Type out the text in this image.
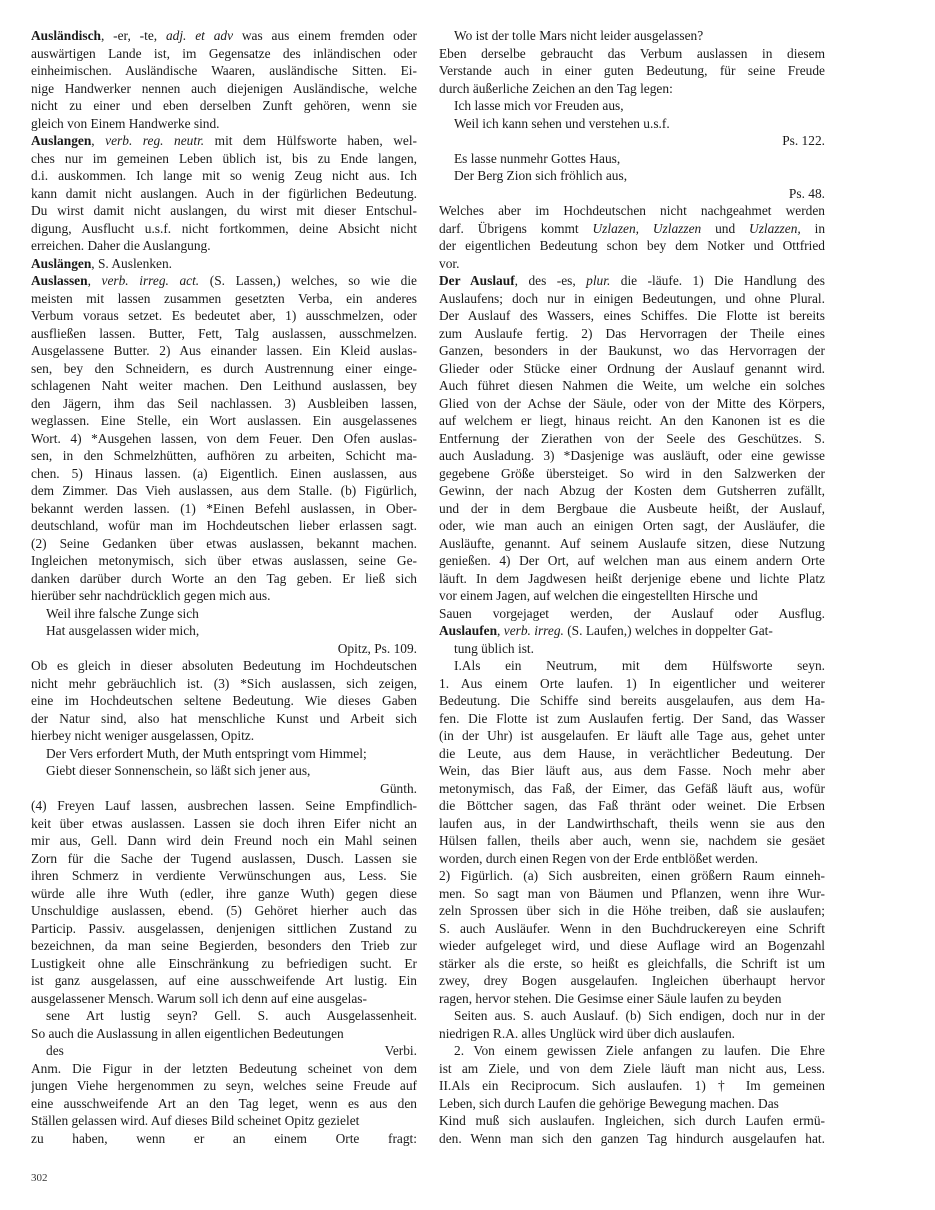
Ausländisch, -er, -te, adj. et adv was aus einem fremden oder
auswärtigen Lande ist, im Gegensatze des inländischen oder
einheimischen. Ausländische Waaren, ausländische Sitten. Ei-
nige Handwerker nennen auch diejenigen Ausländische, welche
nicht zu einer und eben derselben Zunft gehören, wenn sie
gleich von Einem Handwerke sind.
Auslangen, verb. reg. neutr. mit dem Hülfsworte haben, wel-
ches nur im gemeinen Leben üblich ist, bis zu Ende langen,
d.i. auskommen. Ich lange mit so wenig Zeug nicht aus. Ich
kann damit nicht auslangen. Auch in der figürlichen Bedeutung.
Du wirst damit nicht auslangen, du wirst mit dieser Entschul-
digung, Ausflucht u.s.f. nicht fortkommen, deine Absicht nicht
erreichen. Daher die Auslangung.
Auslängen, S. Auslenken.
Auslassen, verb. irreg. act. (S. Lassen,) welches, so wie die
meisten mit lassen zusammen gesetzten Verba, ein anderes
Verbum voraus setzet. Es bedeutet aber, 1) ausschmelzen, oder
ausfließen lassen. Butter, Fett, Talg auslassen, ausschmelzen.
Ausgelassene Butter. 2) Aus einander lassen. Ein Kleid auslas-
sen, bey den Schneidern, es durch Austrennung einer einge-
schlagenen Naht weiter machen. Den Leithund auslassen, bey
den Jägern, ihm das Seil nachlassen. 3) Ausbleiben lassen,
weglassen. Eine Stelle, ein Wort auslassen. Ein ausgelassenes
Wort. 4) *Ausgehen lassen, von dem Feuer. Den Ofen auslas-
sen, in den Schmelzhütten, aufhören zu arbeiten, Schicht ma-
chen. 5) Hinaus lassen. (a) Eigentlich. Einen auslassen, aus
dem Zimmer. Das Vieh auslassen, aus dem Stalle. (b) Figürlich,
bekannt werden lassen. (1) *Einen Befehl auslassen, in Ober-
deutschland, wofür man im Hochdeutschen lieber erlassen sagt.
(2) Seine Gedanken über etwas auslassen, bekannt machen.
Ingleichen metonymisch, sich über etwas auslassen, seine Ge-
danken darüber durch Worte an den Tag geben. Er ließ sich
hierüber sehr nachdrücklich gegen mich aus.
Weil ihre falsche Zunge sich
Hat ausgelassen wider mich,
Opitz, Ps. 109.
Ob es gleich in dieser absoluten Bedeutung im Hochdeutschen
nicht mehr gebräuchlich ist. (3) *Sich auslassen, sich zeigen,
eine im Hochdeutschen seltene Bedeutung. Wie dieses Gaben
der Natur sind, also hat menschliche Kunst und Arbeit sich
hierbey nicht weniger ausgelassen, Opitz.
Der Vers erfordert Muth, der Muth entspringt vom Himmel;
Giebt dieser Sonnenschein, so läßt sich jener aus,
Günth.
(4) Freyen Lauf lassen, ausbrechen lassen. Seine Empfindlich-
keit über etwas auslassen. Lassen sie doch ihren Eifer nicht an
mir aus, Gell. Dann wird dein Freund noch ein Mahl seinen
Zorn für die Sache der Tugend auslassen, Dusch. Lassen sie
ihren Schmerz in verdiente Verwünschungen aus, Less. Sie
würde alle ihre Wuth (edler, ihre ganze Wuth) gegen diese
Unschuldige auslassen, ebend. (5) Gehöret hierher auch das
Particip. Passiv. ausgelassen, denjenigen sittlichen Zustand zu
bezeichnen, da man seine Begierden, besonders den Trieb zur
Lustigkeit ohne alle Einschränkung zu befriedigen sucht. Er
ist ganz ausgelassen, auf eine ausschweifende Art lustig. Ein
ausgelassener Mensch. Warum soll ich denn auf eine ausgelas-
sene Art lustig seyn? Gell. S. auch Ausgelassenheit.
So auch die Auslassung in allen eigentlichen Bedeutungen
des Verbi.
Anm. Die Figur in der letzten Bedeutung scheinet von dem
jungen Viehe hergenommen zu seyn, welches seine Freude auf
eine ausschweifende Art an den Tag leget, wenn es aus den
Ställen gelassen wird. Auf dieses Bild scheinet Opitz gezielet
zu haben, wenn er an einem Orte fragt:
Wo ist der tolle Mars nicht leider ausgelassen?
Eben derselbe gebraucht das Verbum auslassen in diesem
Verstande auch in einer guten Bedeutung, für seine Freude
durch äußerliche Zeichen an den Tag legen:
Ich lasse mich vor Freuden aus,
Weil ich kann sehen und verstehen u.s.f.
Ps. 122.
Es lasse nunmehr Gottes Haus,
Der Berg Zion sich fröhlich aus,
Ps. 48.
Welches aber im Hochdeutschen nicht nachgeahmet werden
darf. Übrigens kommt Uzlazen, Uzlazzen und Uzlazzen, in
der eigentlichen Bedeutung schon bey dem Notker und Ottfried
vor.
Der Auslauf, des -es, plur. die -läufe. 1) Die Handlung des
Auslaufens; doch nur in einigen Bedeutungen, und ohne Plural.
Der Auslauf des Wassers, eines Schiffes. Die Flotte ist bereits
zum Auslaufe fertig. 2) Das Hervorragen der Theile eines
Ganzen, besonders in der Baukunst, wo das Hervorragen der
Glieder oder Stücke einer Ordnung der Auslauf genannt wird.
Auch führet diesen Nahmen die Weite, um welche ein solches
Glied von der Achse der Säule, oder von der Mitte des Körpers,
auf welchem er liegt, hinaus reicht. An den Kanonen ist es die
Entfernung der Zierathen von der Seele des Geschützes. S.
auch Ausladung. 3) *Dasjenige was ausläuft, oder eine gewisse
gegebene Größe übersteiget. So wird in den Salzwerken der
Gewinn, der nach Abzug der Kosten dem Gutsherren zufällt,
und der in dem Bergbaue die Ausbeute heißt, der Auslauf,
oder, wie man auch an einigen Orten sagt, der Ausläufer, die
Ausläufte, genannt. Auf seinem Auslaufe sitzen, diese Nutzung
genießen. 4) Der Ort, auf welchen man aus einem andern Orte
läuft. In dem Jagdwesen heißt derjenige ebene und lichte Platz
vor einem Jagen, auf welchen die eingestellten Hirsche und
Sauen vorgejaget werden, der Auslauf oder Ausflug.
Auslaufen, verb. irreg. (S. Laufen,) welches in doppelter Gat-
tung üblich ist.
I.Als ein Neutrum, mit dem Hülfsworte seyn.
1. Aus einem Orte laufen. 1) In eigentlicher und weiterer
Bedeutung. Die Schiffe sind bereits ausgelaufen, aus dem Ha-
fen. Die Flotte ist zum Auslaufen fertig. Der Sand, das Wasser
(in der Uhr) ist ausgelaufen. Er läuft alle Tage aus, gehet unter
die Leute, aus dem Hause, in verächtlicher Bedeutung. Der
Wein, das Bier läuft aus, aus dem Fasse. Noch mehr aber
metonymisch, das Faß, der Eimer, das Gefäß läuft aus, wofür
die Böttcher sagen, das Faß thränt oder weinet. Die Erbsen
laufen aus, in der Landwirthschaft, theils wenn sie aus den
Hülsen fallen, theils aber auch, wenn sie, nachdem sie gesäet
worden, durch einen Regen von der Erde entblößet werden.
2) Figürlich. (a) Sich ausbreiten, einen größern Raum einneh-
men. So sagt man von Bäumen und Pflanzen, wenn ihre Wur-
zeln Sprossen über sich in die Höhe treiben, daß sie auslaufen;
S. auch Ausläufer. Wenn in den Buchdruckereyen eine Schrift
wieder aufgeleget wird, und diese Auflage wird an Bogenzahl
stärker als die erste, so heißt es gleichfalls, die Schrift ist um
zwey, drey Bogen ausgelaufen. Ingleichen überhaupt hervor
ragen, hervor stehen. Die Gesimse einer Säule laufen zu beyden
Seiten aus. S. auch Auslauf. (b) Sich endigen, doch nur in der
niedrigen R.A. alles Unglück wird über dich auslaufen.
2. Von einem gewissen Ziele anfangen zu laufen. Die Ehre
ist am Ziele, und von dem Ziele läuft man nicht aus, Less.
II.Als ein Reciprocum. Sich auslaufen. 1) † Im gemeinen
Leben, sich durch Laufen die gehörige Bewegung machen. Das
Kind muß sich auslaufen. Ingleichen, sich durch Laufen ermü-
den. Wenn man sich den ganzen Tag hindurch ausgelaufen hat.
302
